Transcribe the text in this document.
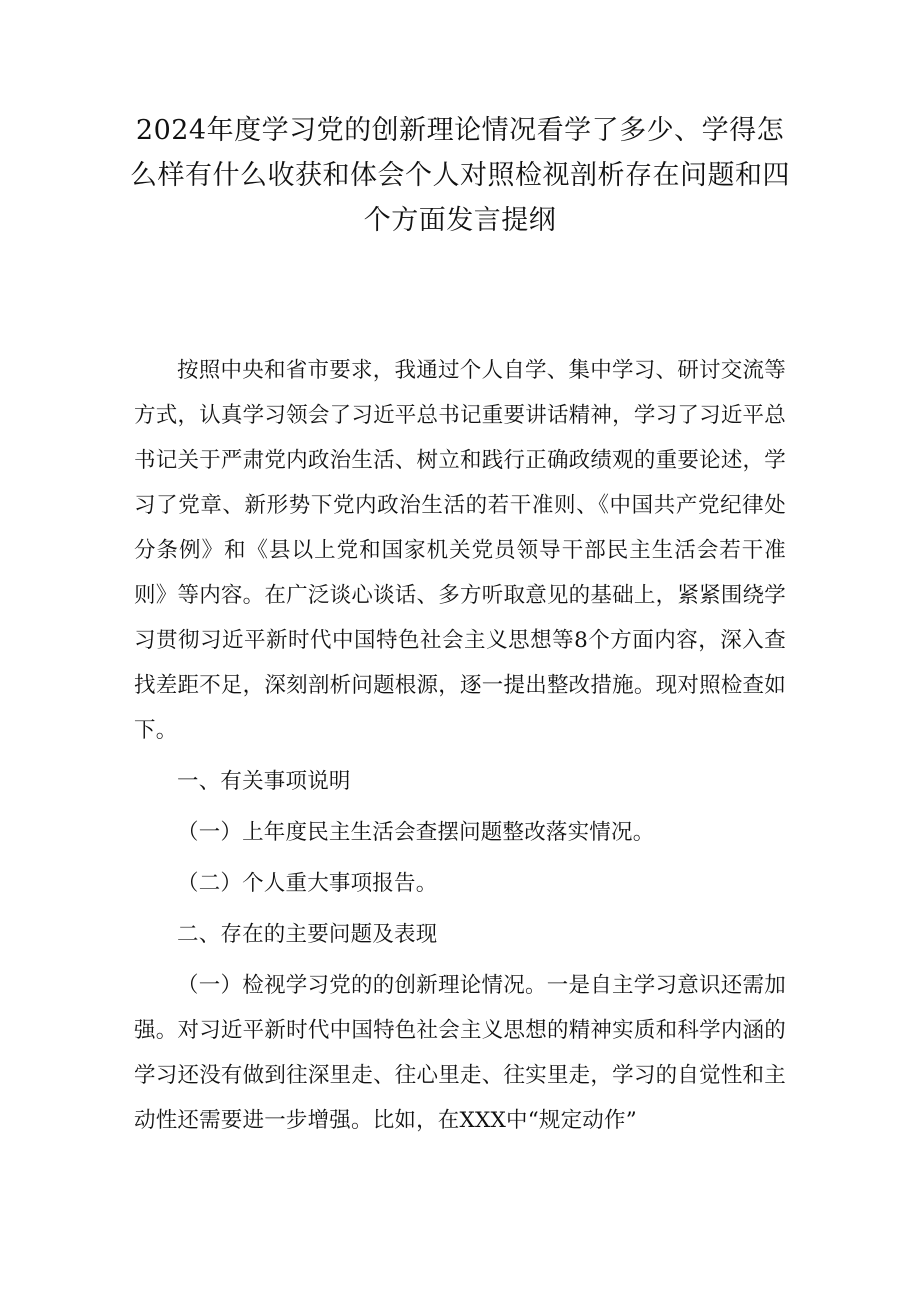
2024年度学习党的创新理论情况看学了多少、学得怎么样有什么收获和体会个人对照检视剖析存在问题和四个方面发言提纲

按照中央和省市要求，我通过个人自学、集中学习、研讨交流等方式，认真学习领会了习近平总书记重要讲话精神，学习了习近平总书记关于严肃党内政治生活、树立和践行正确政绩观的重要论述，学习了党章、新形势下党内政治生活的若干准则、《中国共产党纪律处分条例》和《县以上党和国家机关党员领导干部民主生活会若干准则》等内容。在广泛谈心谈话、多方听取意见的基础上，紧紧围绕学习贯彻习近平新时代中国特色社会主义思想等8个方面内容，深入查找差距不足，深刻剖析问题根源，逐一提出整改措施。现对照检查如下。

一、有关事项说明

（一）上年度民主生活会查摆问题整改落实情况。

（二）个人重大事项报告。

二、存在的主要问题及表现

（一）检视学习党的的创新理论情况。一是自主学习意识还需加强。对习近平新时代中国特色社会主义思想的精神实质和科学内涵的学习还没有做到往深里走、往心里走、往实里走，学习的自觉性和主动性还需要进一步增强。比如，在XXX中“规定动作”
